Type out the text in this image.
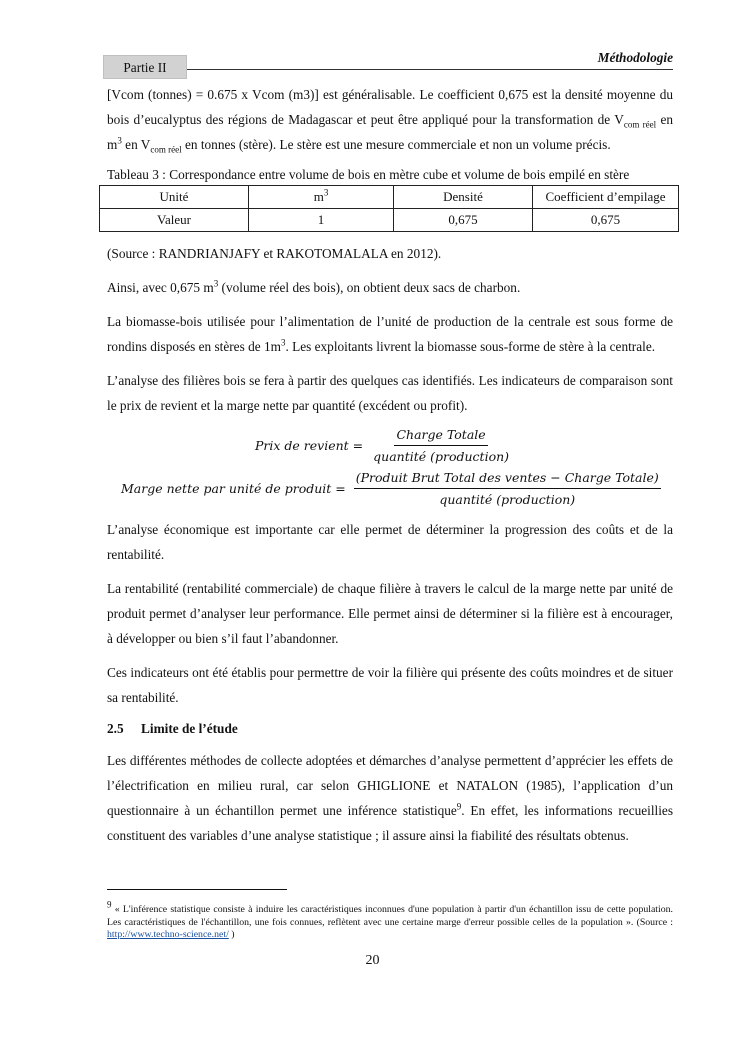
Partie II
Méthodologie

[Vcom (tonnes) = 0.675 x Vcom (m3)] est généralisable. Le coefficient 0,675 est la densité moyenne du bois d’eucalyptus des régions de Madagascar et peut être appliqué pour la transformation de $V_{com réel}$ en $m^3$ en $V_{com réel}$ en tonnes (stère). Le stère est une mesure commerciale et non un volume précis.

Tableau 3 : Correspondance entre volume de bois en mètre cube et volume de bois empilé en stère

Unité	$m^3$	Densité	Coefficient d’empilage
Valeur	1	0,675	0,675

(Source : RANDRIANJAFY et RAKOTOMALALA en 2012).

Ainsi, avec 0,675 $m^3$ (volume réel des bois), on obtient deux sacs de charbon.

La biomasse-bois utilisée pour l’alimentation de l’unité de production de la centrale est sous forme de rondins disposés en stères de $1m^3$. Les exploitants livrent la biomasse sous-forme de stère à la centrale.

L’analyse des filières bois se fera à partir des quelques cas identifiés. Les indicateurs de comparaison sont le prix de revient et la marge nette par quantité (excédent ou profit).

Prix de revient = $\frac{\text{Charge Totale}}{\text{quantité (production)}}$
Marge nette par unité de produit = $\frac{\text{(Produit Brut Total des ventes − Charge Totale)}}{\text{quantité (production)}}$

L’analyse économique est importante car elle permet de déterminer la progression des coûts et de la rentabilité.

La rentabilité (rentabilité commerciale) de chaque filière à travers le calcul de la marge nette par unité de produit permet d’analyser leur performance. Elle permet ainsi de déterminer si la filière est à encourager, à développer ou bien s’il faut l’abandonner.

Ces indicateurs ont été établis pour permettre de voir la filière qui présente des coûts moindres et de situer sa rentabilité.

2.5 Limite de l’étude

Les différentes méthodes de collecte adoptées et démarches d’analyse permettent d’apprécier les effets de l’électrification en milieu rural, car selon GHIGLIONE et NATALON (1985), l’application d’un questionnaire à un échantillon permet une inférence statistique$^9$. En effet, les informations recueillies constituent des variables d’une analyse statistique ; il assure ainsi la fiabilité des résultats obtenus.

$^9$ « L'inférence statistique consiste à induire les caractéristiques inconnues d'une population à partir d'un échantillon issu de cette population. Les caractéristiques de l'échantillon, une fois connues, reflètent avec une certaine marge d'erreur possible celles de la population ». (Source : http://www.techno-science.net/ )
20
